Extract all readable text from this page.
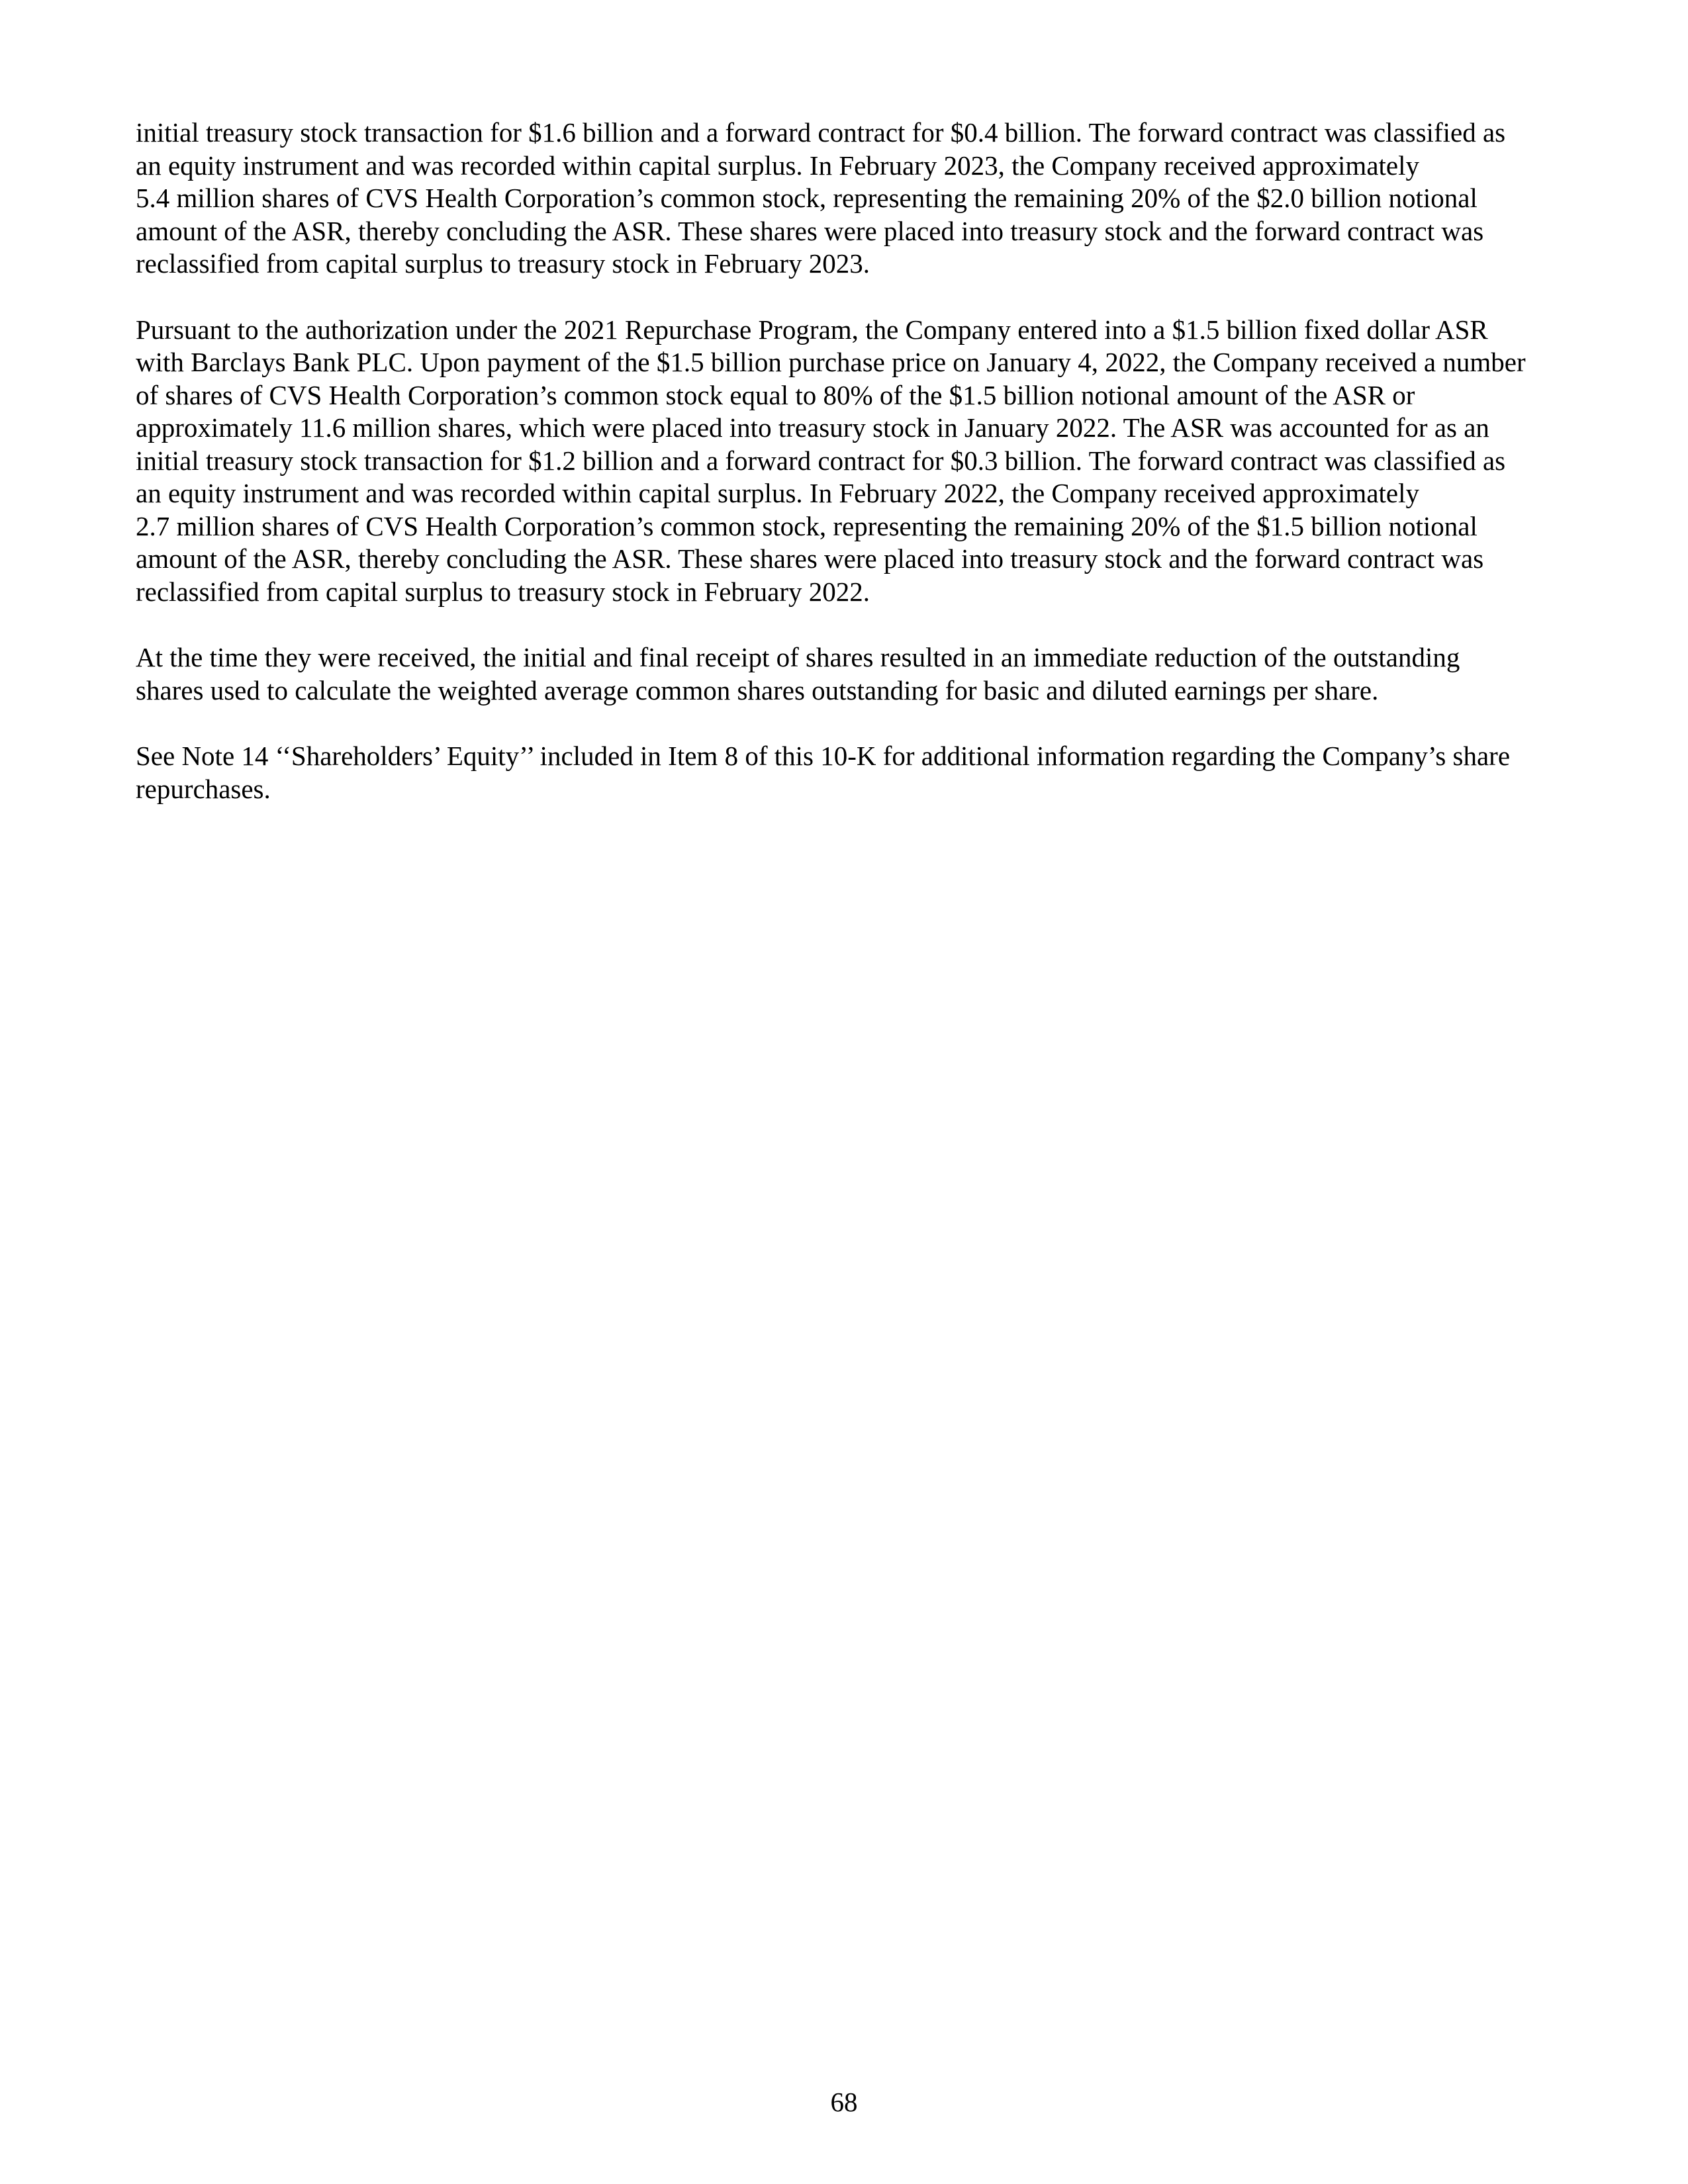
initial treasury stock transaction for $1.6 billion and a forward contract for $0.4 billion. The forward contract was classified as
an equity instrument and was recorded within capital surplus. In February 2023, the Company received approximately
5.4 million shares of CVS Health Corporation’s common stock, representing the remaining 20% of the $2.0 billion notional
amount of the ASR, thereby concluding the ASR. These shares were placed into treasury stock and the forward contract was
reclassified from capital surplus to treasury stock in February 2023.

Pursuant to the authorization under the 2021 Repurchase Program, the Company entered into a $1.5 billion fixed dollar ASR
with Barclays Bank PLC. Upon payment of the $1.5 billion purchase price on January 4, 2022, the Company received a number
of shares of CVS Health Corporation’s common stock equal to 80% of the $1.5 billion notional amount of the ASR or
approximately 11.6 million shares, which were placed into treasury stock in January 2022. The ASR was accounted for as an
initial treasury stock transaction for $1.2 billion and a forward contract for $0.3 billion. The forward contract was classified as
an equity instrument and was recorded within capital surplus. In February 2022, the Company received approximately
2.7 million shares of CVS Health Corporation’s common stock, representing the remaining 20% of the $1.5 billion notional
amount of the ASR, thereby concluding the ASR. These shares were placed into treasury stock and the forward contract was
reclassified from capital surplus to treasury stock in February 2022.

At the time they were received, the initial and final receipt of shares resulted in an immediate reduction of the outstanding
shares used to calculate the weighted average common shares outstanding for basic and diluted earnings per share.

See Note 14 ‘‘Shareholders’ Equity’’ included in Item 8 of this 10-K for additional information regarding the Company’s share
repurchases.

68
